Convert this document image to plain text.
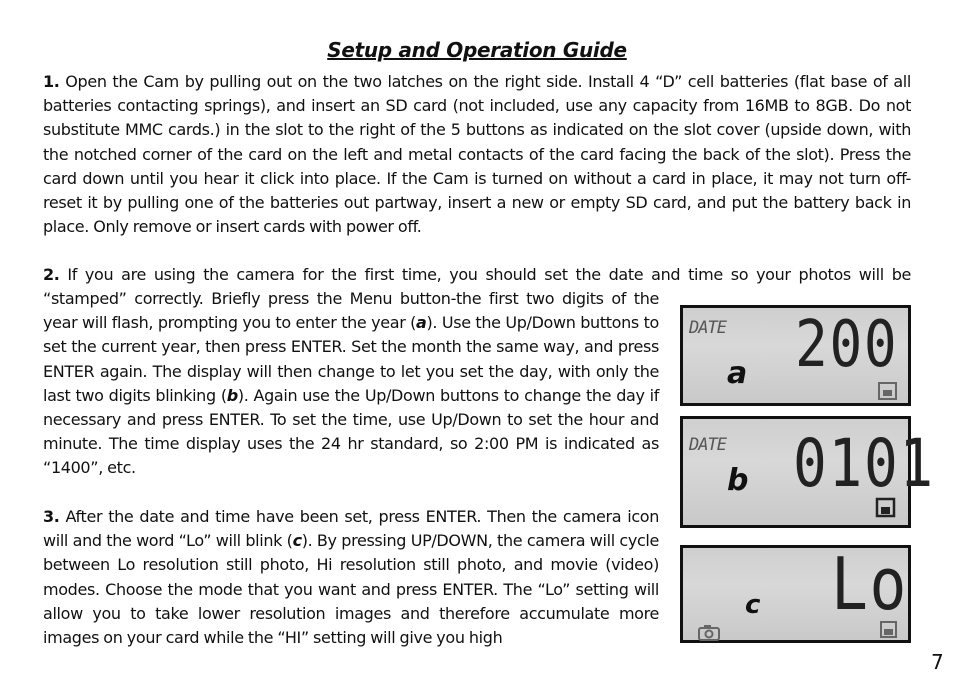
Setup and Operation Guide
1. Open the Cam by pulling out on the two latches on the right side. Install 4 “D” cell batteries (flat base of all batteries contacting springs), and insert an SD card (not included, use any capacity from 16MB to 8GB. Do not substitute MMC cards.) in the slot to the right of the 5 buttons as indicated on the slot cover (upside down, with the notched corner of the card on the left and metal contacts of the card facing the back of the slot). Press the card down until you hear it click into place. If the Cam is turned on without a card in place, it may not turn off-reset it by pulling one of the batteries out partway, insert a new or empty SD card, and put the battery back in place. Only remove or insert cards with power off.
2. If you are using the camera for the first time, you should set the date and time so your photos will be
“stamped” correctly. Briefly press the Menu button-the first two digits of the year will flash, prompting you to enter the year (a). Use the Up/Down buttons to set the current year, then press ENTER. Set the month the same way, and press ENTER again. The display will then change to let you set the day, with only the last two digits blinking (b). Again use the Up/Down buttons to change the day if necessary and press ENTER. To set the time, use Up/Down to set the hour and minute. The time display uses the 24 hr standard, so 2:00 PM is indicated as “1400”, etc.
3. After the date and time have been set, press ENTER. Then the camera icon will and the word “Lo” will blink (c). By pressing UP/DOWN, the camera will cycle between Lo resolution still photo, Hi resolution still photo, and movie (video) modes. Choose the mode that you want and press ENTER. The “Lo” setting will allow you to take lower resolution images and therefore accumulate more images on your card while the “HI” setting will give you high
DATE 200
a
DATE 0101
b
Lo
c
7
